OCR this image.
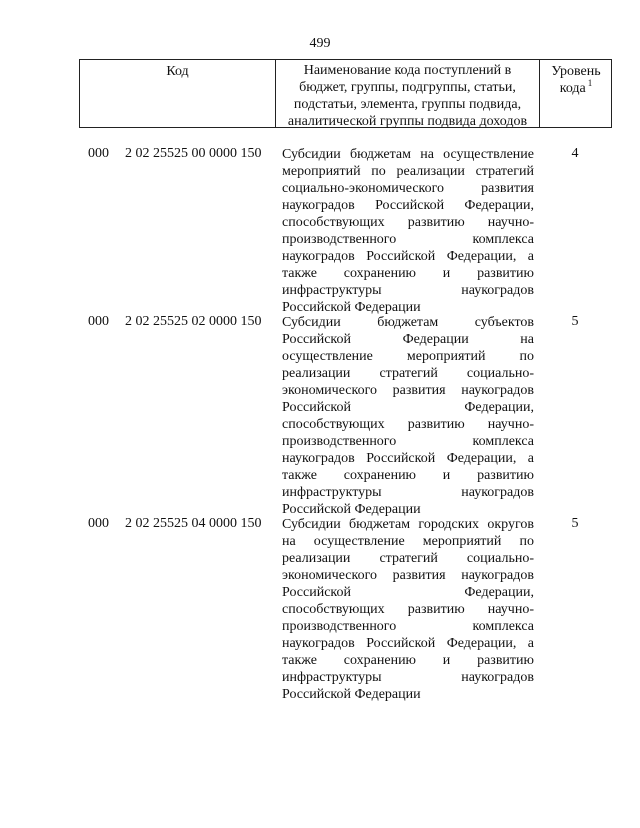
499
Код	Наименование кода поступлений в
бюджет, группы, подгруппы, статьи,
подстатьи, элемента, группы подвида,
аналитической группы подвида доходов
Уровень
кода $^1$
000 2 02 25525 00 0000 150 Субсидии бюджетам на осуществление
мероприятий по реализации стратегий
социально-экономического развития
наукоградов Российской Федерации,
способствующих развитию научно-
производственного комплекса
наукоградов Российской Федерации, а
также сохранению и развитию
инфраструктуры наукоградов
Российской Федерации
4
000 2 02 25525 02 0000 150 Субсидии бюджетам субъектов
Российской Федерации на
осуществление мероприятий по
реализации стратегий социально-
экономического развития наукоградов
Российской Федерации,
способствующих развитию научно-
производственного комплекса
наукоградов Российской Федерации, а
также сохранению и развитию
инфраструктуры наукоградов
Российской Федерации
5
000 2 02 25525 04 0000 150 Субсидии бюджетам городских округов
на осуществление мероприятий по
реализации стратегий социально-
экономического развития наукоградов
Российской Федерации,
способствующих развитию научно-
производственного комплекса
наукоградов Российской Федерации, а
также сохранению и развитию
инфраструктуры наукоградов
Российской Федерации
5
